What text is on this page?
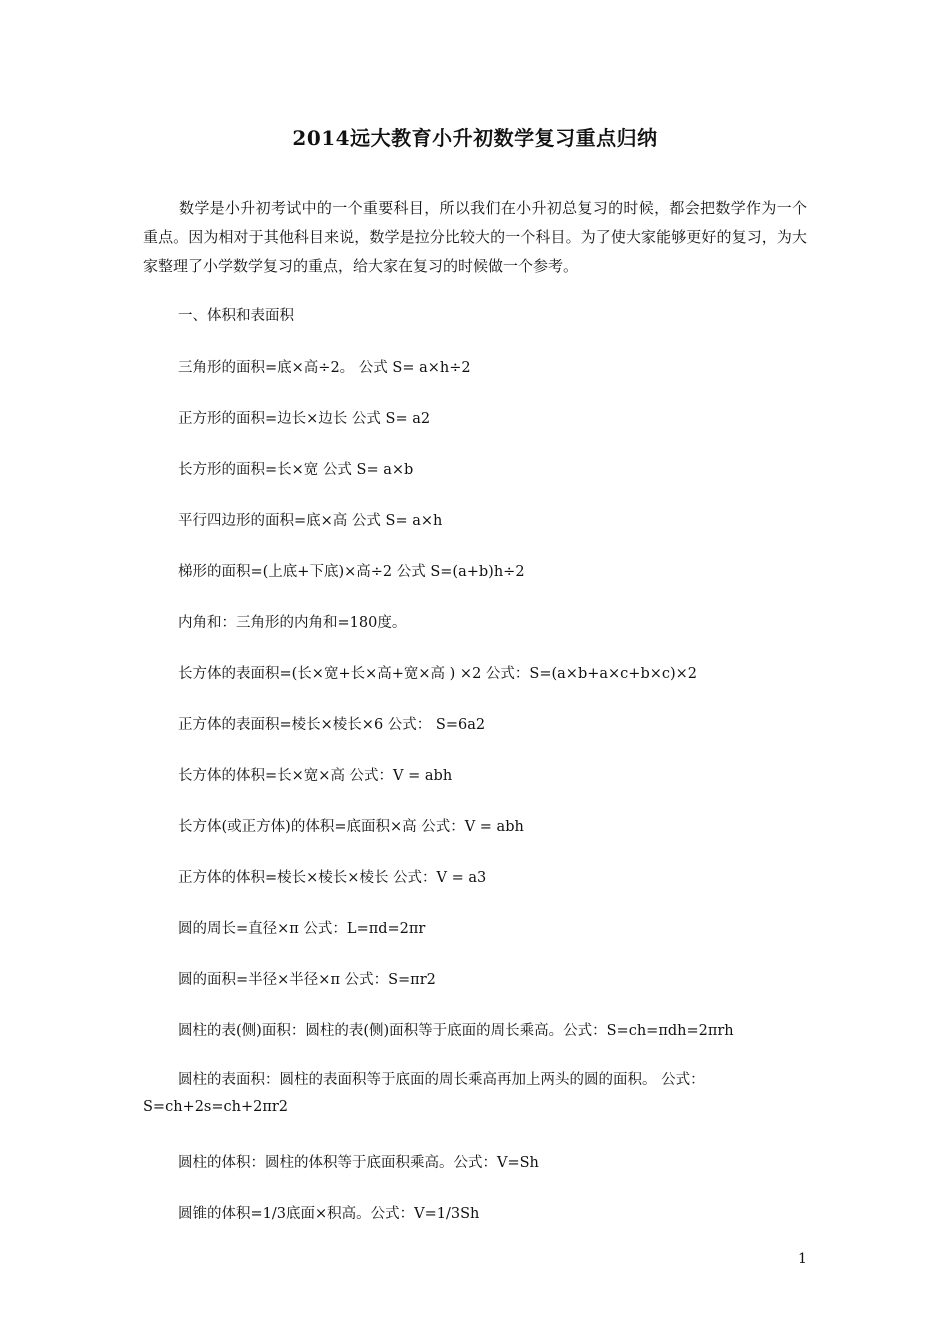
2014远大教育小升初数学复习重点归纳
数学是小升初考试中的一个重要科目，所以我们在小升初总复习的时候，都会把数学作为一个重点。因为相对于其他科目来说，数学是拉分比较大的一个科目。为了使大家能够更好的复习，为大家整理了小学数学复习的重点，给大家在复习的时候做一个参考。
一、体积和表面积
三角形的面积=底×高÷2。 公式 S= a×h÷2
正方形的面积=边长×边长 公式 S= a2
长方形的面积=长×宽 公式 S= a×b
平行四边形的面积=底×高 公式 S= a×h
梯形的面积=(上底+下底)×高÷2 公式 S=(a+b)h÷2
内角和：三角形的内角和=180度。
长方体的表面积=(长×宽+长×高+宽×高 ) ×2 公式：S=(a×b+a×c+b×c)×2
正方体的表面积=棱长×棱长×6 公式： S=6a2
长方体的体积=长×宽×高 公式：V = abh
长方体(或正方体)的体积=底面积×高 公式：V = abh
正方体的体积=棱长×棱长×棱长 公式：V = a3
圆的周长=直径×π 公式：L=πd=2πr
圆的面积=半径×半径×π 公式：S=πr2
圆柱的表(侧)面积：圆柱的表(侧)面积等于底面的周长乘高。公式：S=ch=πdh=2πrh
圆柱的表面积：圆柱的表面积等于底面的周长乘高再加上两头的圆的面积。 公式：S=ch+2s=ch+2πr2
圆柱的体积：圆柱的体积等于底面积乘高。公式：V=Sh
圆锥的体积=1/3底面×积高。公式：V=1/3Sh
1
